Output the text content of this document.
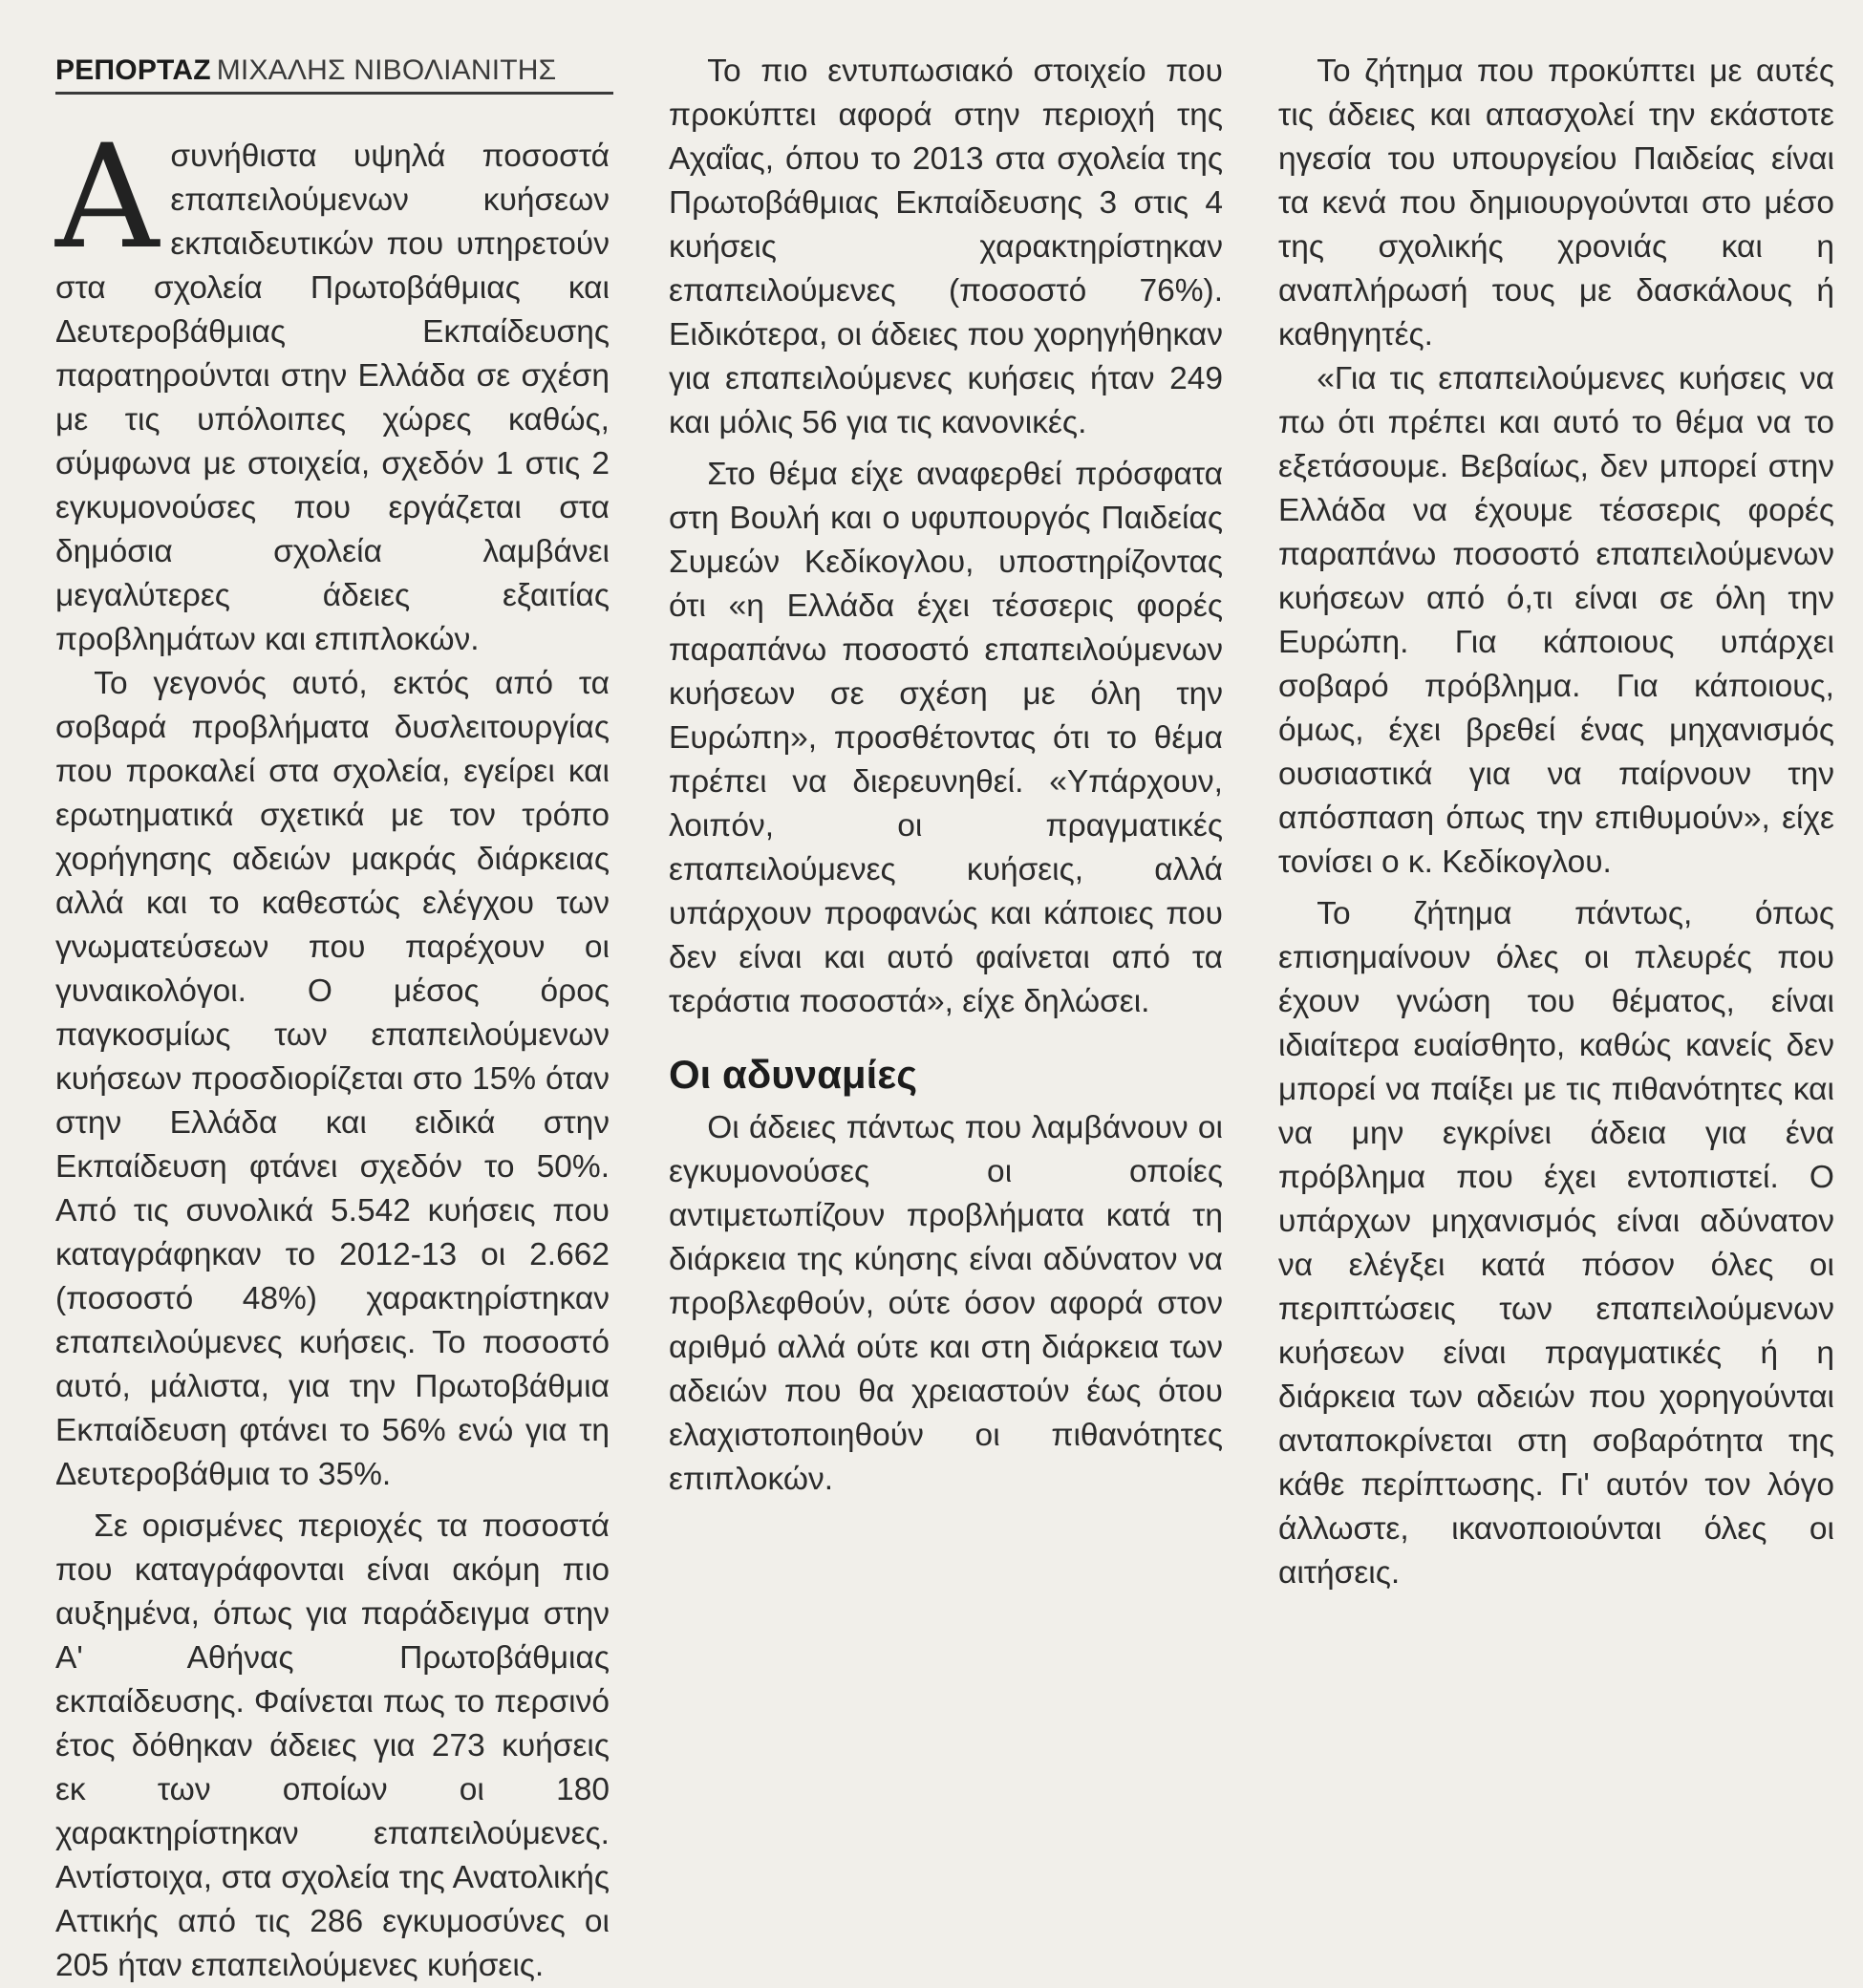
ΡΕΠΟΡΤΑΖ ΜΙΧΑΛΗΣ ΝΙΒΟΛΙΑΝΙΤΗΣ

Ασυνήθιστα υψηλά ποσοστά επαπειλούμενων κυήσεων εκπαιδευτικών που υπηρετούν στα σχολεία Πρωτοβάθμιας και Δευτεροβάθμιας Εκπαίδευσης παρατηρούνται στην Ελλάδα σε σχέση με τις υπόλοιπες χώρες καθώς, σύμφωνα με στοιχεία, σχεδόν 1 στις 2 εγκυμονούσες που εργάζεται στα δημόσια σχολεία λαμβάνει μεγαλύτερες άδειες εξαιτίας προβλημάτων και επιπλοκών.

Το γεγονός αυτό, εκτός από τα σοβαρά προβλήματα δυσλειτουργίας που προκαλεί στα σχολεία, εγείρει και ερωτηματικά σχετικά με τον τρόπο χορήγησης αδειών μακράς διάρκειας αλλά και το καθεστώς ελέγχου των γνωματεύσεων που παρέχουν οι γυναικολόγοι. Ο μέσος όρος παγκοσμίως των επαπειλούμενων κυήσεων προσδιορίζεται στο 15% όταν στην Ελλάδα και ειδικά στην Εκπαίδευση φτάνει σχεδόν το 50%. Από τις συνολικά 5.542 κυήσεις που καταγράφηκαν το 2012-13 οι 2.662 (ποσοστό 48%) χαρακτηρίστηκαν επαπειλούμενες κυήσεις. Το ποσοστό αυτό, μάλιστα, για την Πρωτοβάθμια Εκπαίδευση φτάνει το 56% ενώ για τη Δευτεροβάθμια το 35%.

Σε ορισμένες περιοχές τα ποσοστά που καταγράφονται είναι ακόμη πιο αυξημένα, όπως για παράδειγμα στην Α' Αθήνας Πρωτοβάθμιας εκπαίδευσης. Φαίνεται πως το περσινό έτος δόθηκαν άδειες για 273 κυήσεις εκ των οποίων οι 180 χαρακτηρίστηκαν επαπειλούμενες. Αντίστοιχα, στα σχολεία της Ανατολικής Αττικής από τις 286 εγκυμοσύνες οι 205 ήταν επαπειλούμενες κυήσεις.

Το πιο εντυπωσιακό στοιχείο που προκύπτει αφορά στην περιοχή της Αχαΐας, όπου το 2013 στα σχολεία της Πρωτοβάθμιας Εκπαίδευσης 3 στις 4 κυήσεις χαρακτηρίστηκαν επαπειλούμενες (ποσοστό 76%). Ειδικότερα, οι άδειες που χορηγήθηκαν για επαπειλούμενες κυήσεις ήταν 249 και μόλις 56 για τις κανονικές.

Στο θέμα είχε αναφερθεί πρόσφατα στη Βουλή και ο υφυπουργός Παιδείας Συμεών Κεδίκογλου, υποστηρίζοντας ότι «η Ελλάδα έχει τέσσερις φορές παραπάνω ποσοστό επαπειλούμενων κυήσεων σε σχέση με όλη την Ευρώπη», προσθέτοντας ότι το θέμα πρέπει να διερευνηθεί. «Υπάρχουν, λοιπόν, οι πραγματικές επαπειλούμενες κυήσεις, αλλά υπάρχουν προφανώς και κάποιες που δεν είναι και αυτό φαίνεται από τα τεράστια ποσοστά», είχε δηλώσει.

Οι αδυναμίες

Οι άδειες πάντως που λαμβάνουν οι εγκυμονούσες οι οποίες αντιμετωπίζουν προβλήματα κατά τη διάρκεια της κύησης είναι αδύνατον να προβλεφθούν, ούτε όσον αφορά στον αριθμό αλλά ούτε και στη διάρκεια των αδειών που θα χρειαστούν έως ότου ελαχιστοποιηθούν οι πιθανότητες επιπλοκών.

Το ζήτημα που προκύπτει με αυτές τις άδειες και απασχολεί την εκάστοτε ηγεσία του υπουργείου Παιδείας είναι τα κενά που δημιουργούνται στο μέσο της σχολικής χρονιάς και η αναπλήρωσή τους με δασκάλους ή καθηγητές.

«Για τις επαπειλούμενες κυήσεις να πω ότι πρέπει και αυτό το θέμα να το εξετάσουμε. Βεβαίως, δεν μπορεί στην Ελλάδα να έχουμε τέσσερις φορές παραπάνω ποσοστό επαπειλούμενων κυήσεων από ό,τι είναι σε όλη την Ευρώπη. Για κάποιους υπάρχει σοβαρό πρόβλημα. Για κάποιους, όμως, έχει βρεθεί ένας μηχανισμός ουσιαστικά για να παίρνουν την απόσπαση όπως την επιθυμούν», είχε τονίσει ο κ. Κεδίκογλου.

Το ζήτημα πάντως, όπως επισημαίνουν όλες οι πλευρές που έχουν γνώση του θέματος, είναι ιδιαίτερα ευαίσθητο, καθώς κανείς δεν μπορεί να παίξει με τις πιθανότητες και να μην εγκρίνει άδεια για ένα πρόβλημα που έχει εντοπιστεί. Ο υπάρχων μηχανισμός είναι αδύνατον να ελέγξει κατά πόσον όλες οι περιπτώσεις των επαπειλούμενων κυήσεων είναι πραγματικές ή η διάρκεια των αδειών που χορηγούνται ανταποκρίνεται στη σοβαρότητα της κάθε περίπτωσης. Γι' αυτόν τον λόγο άλλωστε, ικανοποιούνται όλες οι αιτήσεις.
